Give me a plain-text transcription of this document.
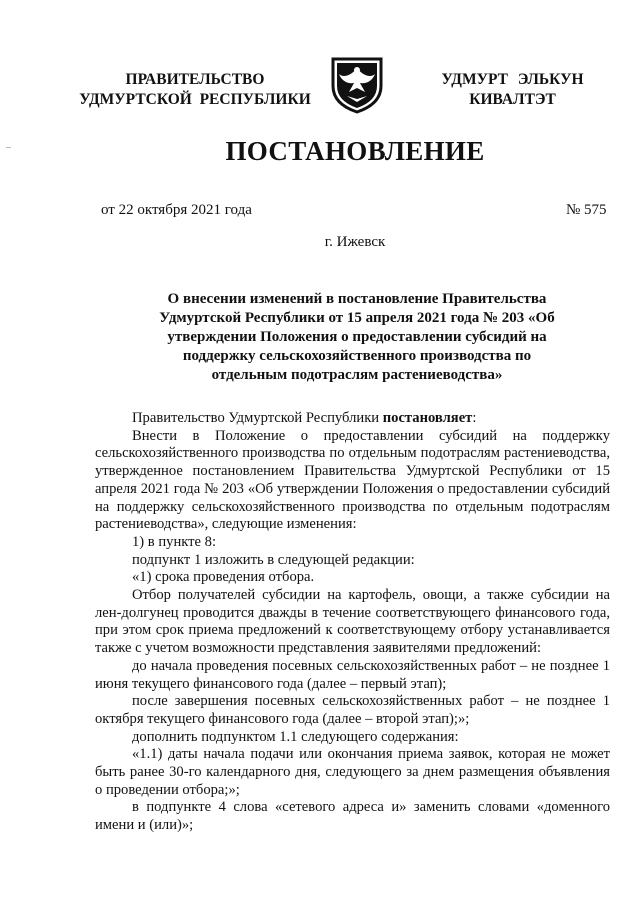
ПРАВИТЕЛЬСТВО
УДМУРТСКОЙ  РЕСПУБЛИКИ
УДМУРТ ЭЛЬКУН
КИВАЛТЭТ
ПОСТАНОВЛЕНИЕ
от 22 октября 2021 года	№ 575
г. Ижевск
О внесении изменений в постановление Правительства
Удмуртской Республики от 15 апреля 2021 года № 203 «Об
утверждении Положения о предоставлении субсидий на
поддержку сельскохозяйственного производства по
отдельным подотраслям растениеводства»

Правительство Удмуртской Республики постановляет:

Внести в Положение о предоставлении субсидий на поддержку сельскохозяйственного производства по отдельным подотраслям растениеводства, утвержденное постановлением Правительства Удмуртской Республики от 15 апреля 2021 года № 203 «Об утверждении Положения о предоставлении субсидий на поддержку сельскохозяйственного производства по отдельным подотраслям растениеводства», следующие изменения:

1) в пункте 8:

подпункт 1 изложить в следующей редакции:

«1) срока проведения отбора.

Отбор получателей субсидии на картофель, овощи, а также субсидии на лен-долгунец проводится дважды в течение соответствующего финансового года, при этом срок приема предложений к соответствующему отбору устанавливается также с учетом возможности представления заявителями предложений:

до начала проведения посевных сельскохозяйственных работ – не позднее 1 июня текущего финансового года (далее – первый этап);

после завершения посевных сельскохозяйственных работ – не позднее 1 октября текущего финансового года (далее – второй этап);»;

дополнить подпунктом 1.1 следующего содержания:

«1.1) даты начала подачи или окончания приема заявок, которая не может быть ранее 30-го календарного дня, следующего за днем размещения объявления о проведении отбора;»;

в подпункте 4 слова «сетевого адреса и» заменить словами «доменного имени и (или)»;
